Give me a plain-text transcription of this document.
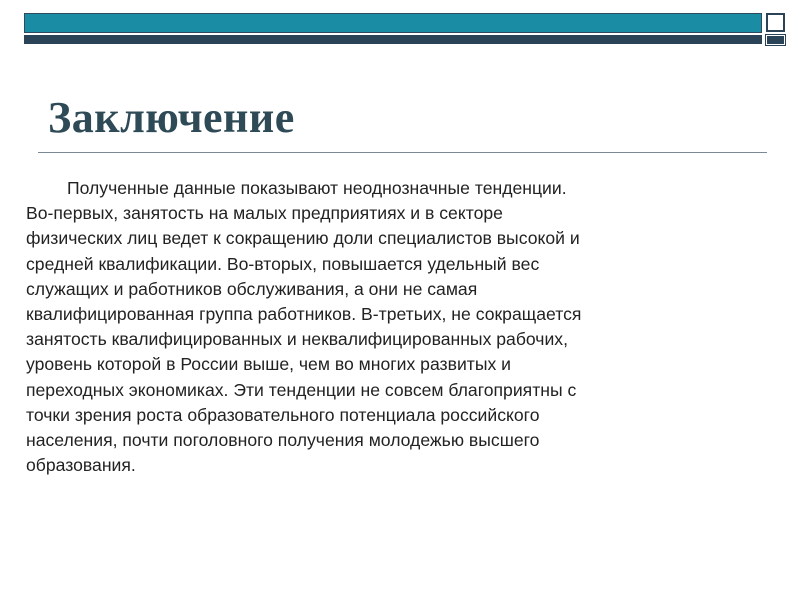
Заключение
Полученные данные показывают неоднозначные тенденции.
Во-первых, занятость на малых предприятиях и в секторе
физических лиц ведет к сокращению доли специалистов высокой и
средней квалификации. Во-вторых, повышается удельный вес
служащих и работников обслуживания, а они не самая
квалифицированная группа работников. В-третьих, не сокращается
занятость квалифицированных и неквалифицированных рабочих,
уровень которой в России выше, чем во многих развитых и
переходных экономиках. Эти тенденции не совсем благоприятны с
точки зрения роста образовательного потенциала российского
населения, почти поголовного получения молодежью высшего
образования.
